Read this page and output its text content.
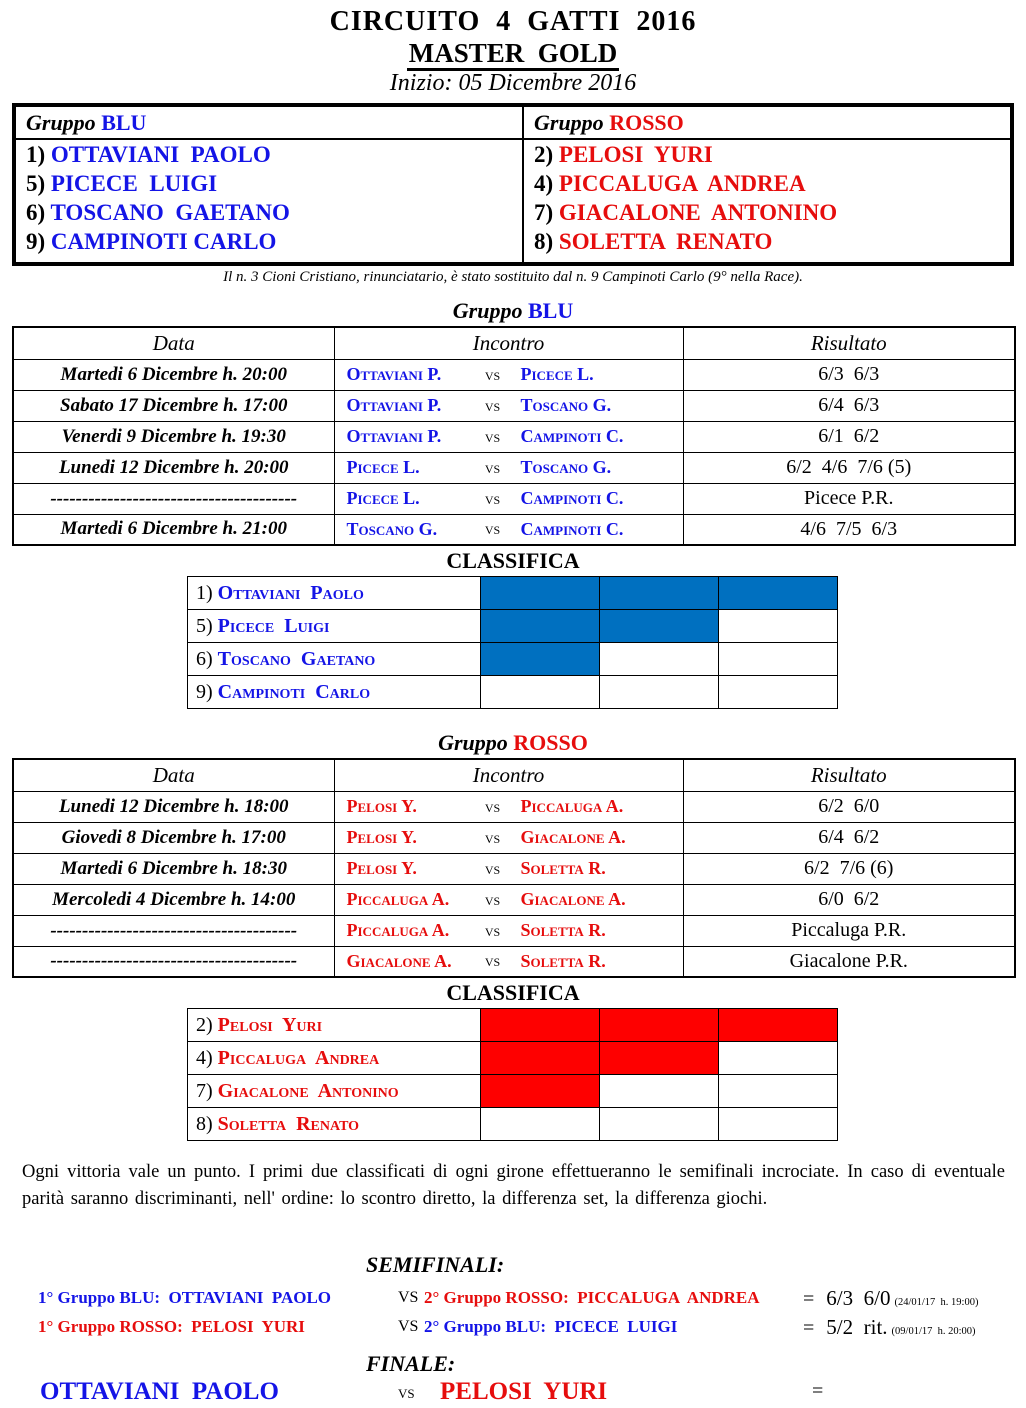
CIRCUITO  4  GATTI  2016
MASTER  GOLD
Inizio: 05 Dicembre 2016
Gruppo BLU
1) OTTAVIANI  PAOLO
5) PICECE  LUIGI
6) TOSCANO  GAETANO
9) CAMPINOTI CARLO
Gruppo ROSSO
2) PELOSI  YURI
4) PICCALUGA  ANDREA
7) GIACALONE  ANTONINO
8) SOLETTA  RENATO
Il n. 3 Cioni Cristiano, rinunciatario, è stato sostituito dal n. 9 Campinoti Carlo (9° nella Race).
Gruppo BLU
Data	Incontro	Risultato
Martedi 6 Dicembre h. 20:00	Ottaviani P. vs Picece L.	6/3  6/3
Sabato 17 Dicembre h. 17:00	Ottaviani P. vs Toscano G.	6/4  6/3
Venerdi 9 Dicembre h. 19:30	Ottaviani P. vs Campinoti C.	6/1  6/2
Lunedi 12 Dicembre h. 20:00	Picece L. vs Toscano G.	6/2  4/6  7/6 (5)
---------------------------------------	Picece L. vs Campinoti C.	Picece P.R.
Martedi 6 Dicembre h. 21:00	Toscano G. vs Campinoti C.	4/6  7/5  6/3
CLASSIFICA
1) Ottaviani Paolo			
5) Picece Luigi			
6) Toscano Gaetano			
9) Campinoti Carlo			
Gruppo ROSSO
Data	Incontro	Risultato
Lunedi 12 Dicembre h. 18:00	Pelosi Y. vs Piccaluga A.	6/2  6/0
Giovedi 8 Dicembre h. 17:00	Pelosi Y. vs Giacalone A.	6/4  6/2
Martedi 6 Dicembre h. 18:30	Pelosi Y. vs Soletta R.	6/2  7/6 (6)
Mercoledi 4 Dicembre h. 14:00	Piccaluga A. vs Giacalone A.	6/0  6/2
---------------------------------------	Piccaluga A. vs Soletta R.	Piccaluga P.R.
---------------------------------------	Giacalone A. vs Soletta R.	Giacalone P.R.
CLASSIFICA
2) Pelosi Yuri			
4) Piccaluga Andrea			
7) Giacalone Antonino			
8) Soletta Renato			
Ogni vittoria vale un punto. I primi due classificati di ogni girone effettueranno le semifinali incrociate. In caso di eventuale parità saranno discriminanti, nell' ordine: lo scontro diretto, la differenza set, la differenza giochi.
SEMIFINALI:
1° Gruppo BLU:  OTTAVIANI  PAOLO	VS 2° Gruppo ROSSO:  PICCALUGA  ANDREA = 6/3  6/0 (24/01/17  h. 19:00)
1° Gruppo ROSSO:  PELOSI  YURI	VS 2° Gruppo BLU:  PICECE  LUIGI	= 5/2  rit. (09/01/17  h. 20:00)
FINALE:
OTTAVIANI  PAOLO	vs PELOSI  YURI	=
